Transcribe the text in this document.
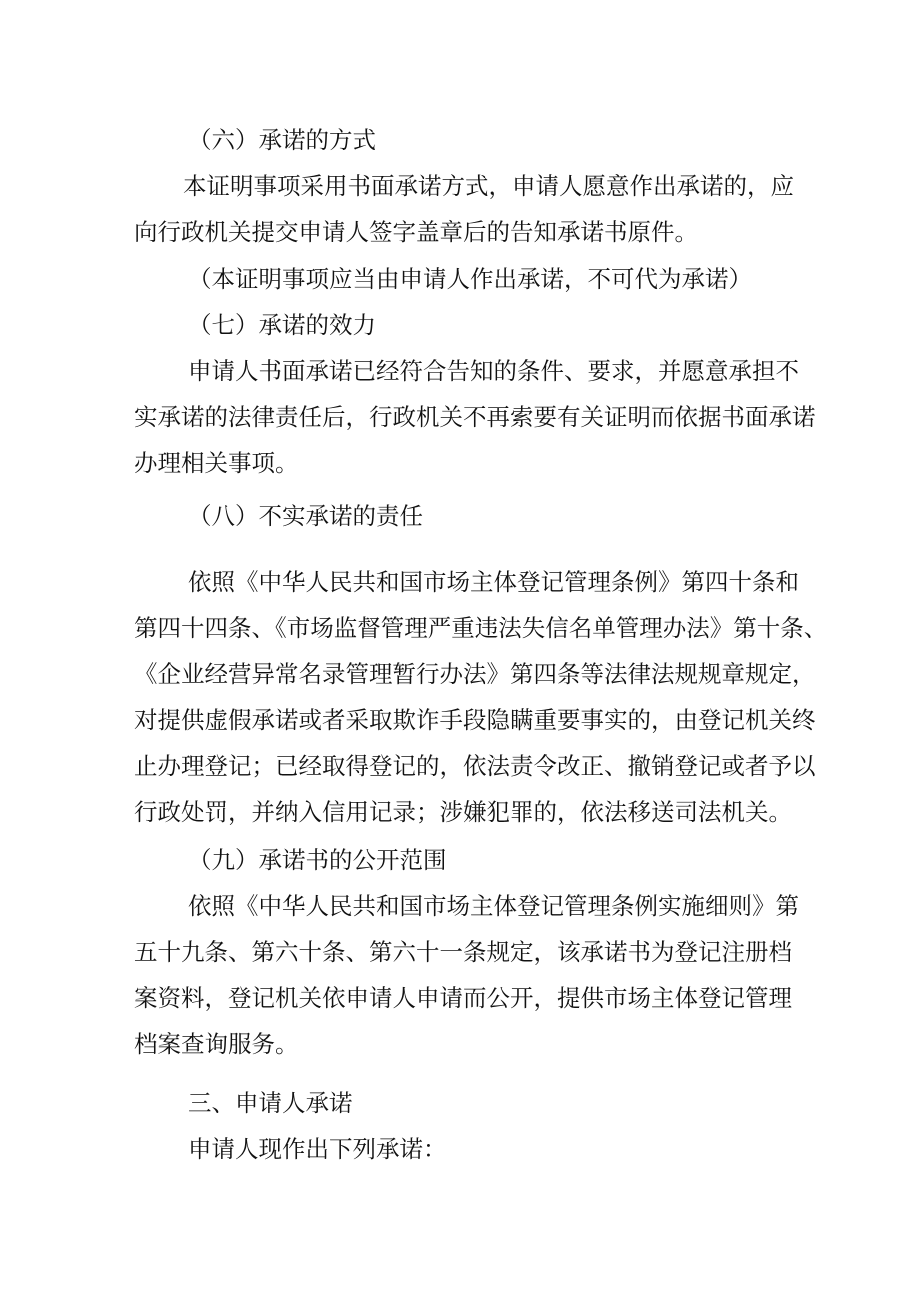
（六）承诺的方式
本证明事项采用书面承诺方式，申请人愿意作出承诺的，应
向行政机关提交申请人签字盖章后的告知承诺书原件。
（本证明事项应当由申请人作出承诺，不可代为承诺）
（七）承诺的效力
申请人书面承诺已经符合告知的条件、要求，并愿意承担不
实承诺的法律责任后，行政机关不再索要有关证明而依据书面承诺
办理相关事项。
（八）不实承诺的责任
依照《中华人民共和国市场主体登记管理条例》第四十条和
第四十四条、《市场监督管理严重违法失信名单管理办法》第十条、
《企业经营异常名录管理暂行办法》第四条等法律法规规章规定，
对提供虚假承诺或者采取欺诈手段隐瞒重要事实的，由登记机关终
止办理登记；已经取得登记的，依法责令改正、撤销登记或者予以
行政处罚，并纳入信用记录；涉嫌犯罪的，依法移送司法机关。
（九）承诺书的公开范围
依照《中华人民共和国市场主体登记管理条例实施细则》第
五十九条、第六十条、第六十一条规定，该承诺书为登记注册档
案资料，登记机关依申请人申请而公开，提供市场主体登记管理
档案查询服务。
三、申请人承诺
申请人现作出下列承诺：
